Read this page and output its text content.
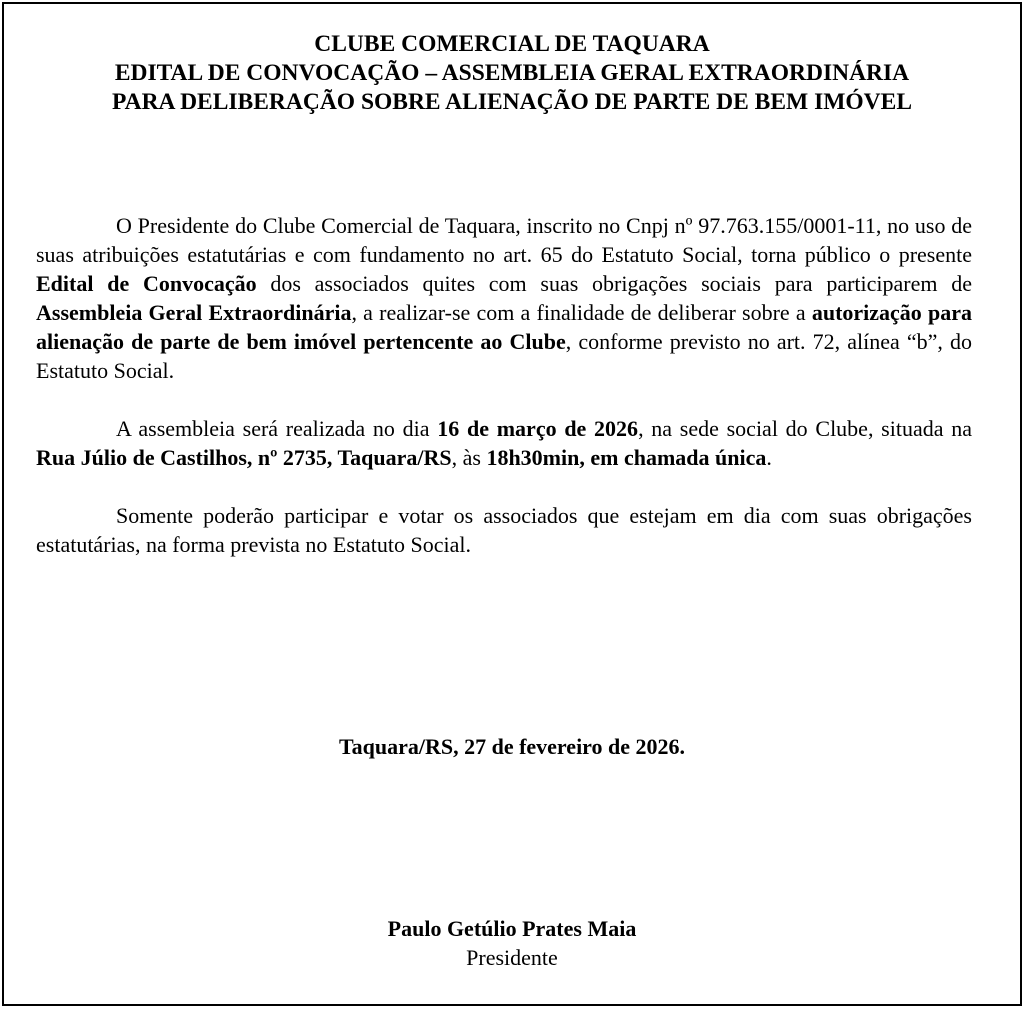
CLUBE COMERCIAL DE TAQUARA
EDITAL DE CONVOCAÇÃO – ASSEMBLEIA GERAL EXTRAORDINÁRIA
PARA DELIBERAÇÃO SOBRE ALIENAÇÃO DE PARTE DE BEM IMÓVEL

O Presidente do Clube Comercial de Taquara, inscrito no Cnpj nº 97.763.155/0001-11, no uso de suas atribuições estatutárias e com fundamento no art. 65 do Estatuto Social, torna público o presente Edital de Convocação dos associados quites com suas obrigações sociais para participarem de Assembleia Geral Extraordinária, a realizar-se com a finalidade de deliberar sobre a autorização para alienação de parte de bem imóvel pertencente ao Clube, conforme previsto no art. 72, alínea “b”, do Estatuto Social.

A assembleia será realizada no dia 16 de março de 2026, na sede social do Clube, situada na Rua Júlio de Castilhos, nº 2735, Taquara/RS, às 18h30min, em chamada única.

Somente poderão participar e votar os associados que estejam em dia com suas obrigações estatutárias, na forma prevista no Estatuto Social.

Taquara/RS, 27 de fevereiro de 2026.
Paulo Getúlio Prates Maia
Presidente
